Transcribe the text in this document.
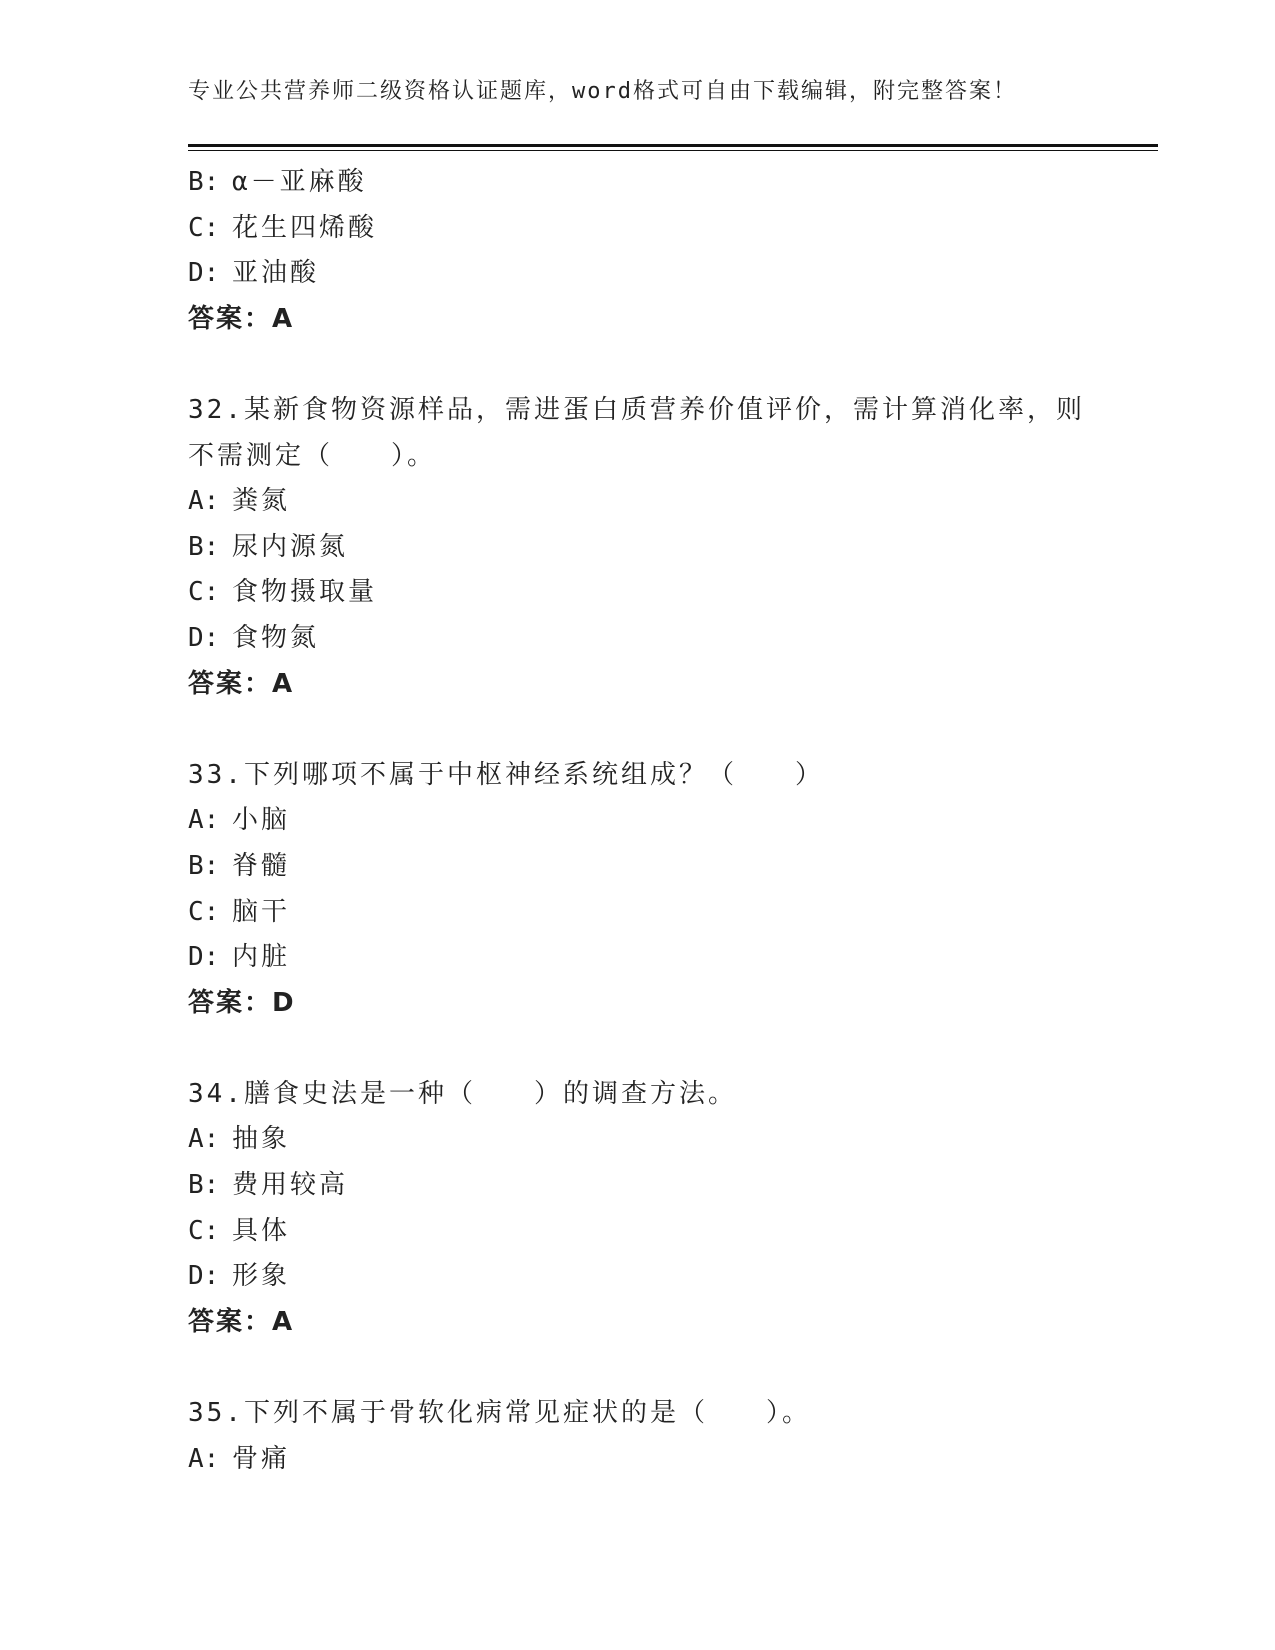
专业公共营养师二级资格认证题库，word格式可自由下载编辑，附完整答案！
B: α－亚麻酸
C: 花生四烯酸
D: 亚油酸
答案：A
32.某新食物资源样品，需进蛋白质营养价值评价，需计算消化率，则
不需测定（　　）。
A: 粪氮
B: 尿内源氮
C: 食物摄取量
D: 食物氮
答案：A
33.下列哪项不属于中枢神经系统组成？（　　）
A: 小脑
B: 脊髓
C: 脑干
D: 内脏
答案：D
34.膳食史法是一种（　　）的调查方法。
A: 抽象
B: 费用较高
C: 具体
D: 形象
答案：A
35.下列不属于骨软化病常见症状的是（　　）。
A: 骨痛
